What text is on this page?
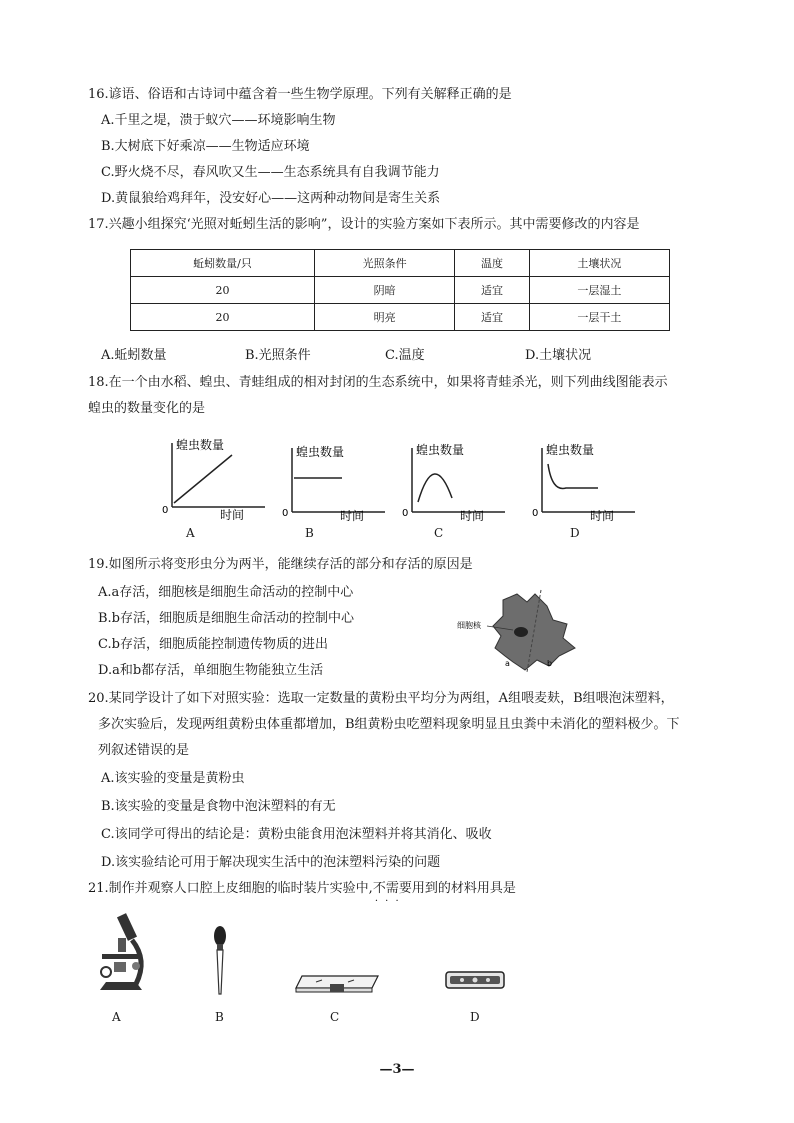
16.谚语、俗语和古诗词中蕴含着一些生物学原理。下列有关解释正确的是
A.千里之堤，溃于蚁穴——环境影响生物
B.大树底下好乘凉——生物适应环境
C.野火烧不尽，春风吹又生——生态系统具有自我调节能力
D.黄鼠狼给鸡拜年，没安好心——这两种动物间是寄生关系
17.兴趣小组探究‘光照对蚯蚓生活的影响”，设计的实验方案如下表所示。其中需要修改的内容是
蚯蚓数量/只	光照条件	温度	土壤状况
20	阴暗	适宜	一层湿土
20	明亮	适宜	一层干土
A.蚯蚓数量	B.光照条件	C.温度	D.土壤状况
18.在一个由水稻、蝗虫、青蛙组成的相对封闭的生态系统中，如果将青蛙杀光，则下列曲线图能表示
蝗虫的数量变化的是
蝗虫数量
时间
0
A
蝗虫数量
时间
0
B
蝗虫数量
时间
0
C
蝗虫数量
时间
0
D
19.如图所示将变形虫分为两半，能继续存活的部分和存活的原因是
A.a存活，细胞核是细胞生命活动的控制中心
B.b存活，细胞质是细胞生命活动的控制中心
C.b存活，细胞质能控制遗传物质的进出
D.a和b都存活，单细胞生物能独立生活
细胞核
a	b
20.某同学设计了如下对照实验：选取一定数量的黄粉虫平均分为两组，A组喂麦麸，B组喂泡沫塑料，
多次实验后，发现两组黄粉虫体重都增加，B组黄粉虫吃塑料现象明显且虫粪中未消化的塑料极少。下
列叙述错误的是
A.该实验的变量是黄粉虫
B.该实验的变量是食物中泡沫塑料的有无
C.该同学可得出的结论是：黄粉虫能食用泡沫塑料并将其消化、吸收
D.该实验结论可用于解决现实生活中的泡沫塑料污染的问题
21.制作并观察人口腔上皮细胞的临时装片实验中,不需要 · · ·用到的材料用具是
A	B	C	D
—3—
